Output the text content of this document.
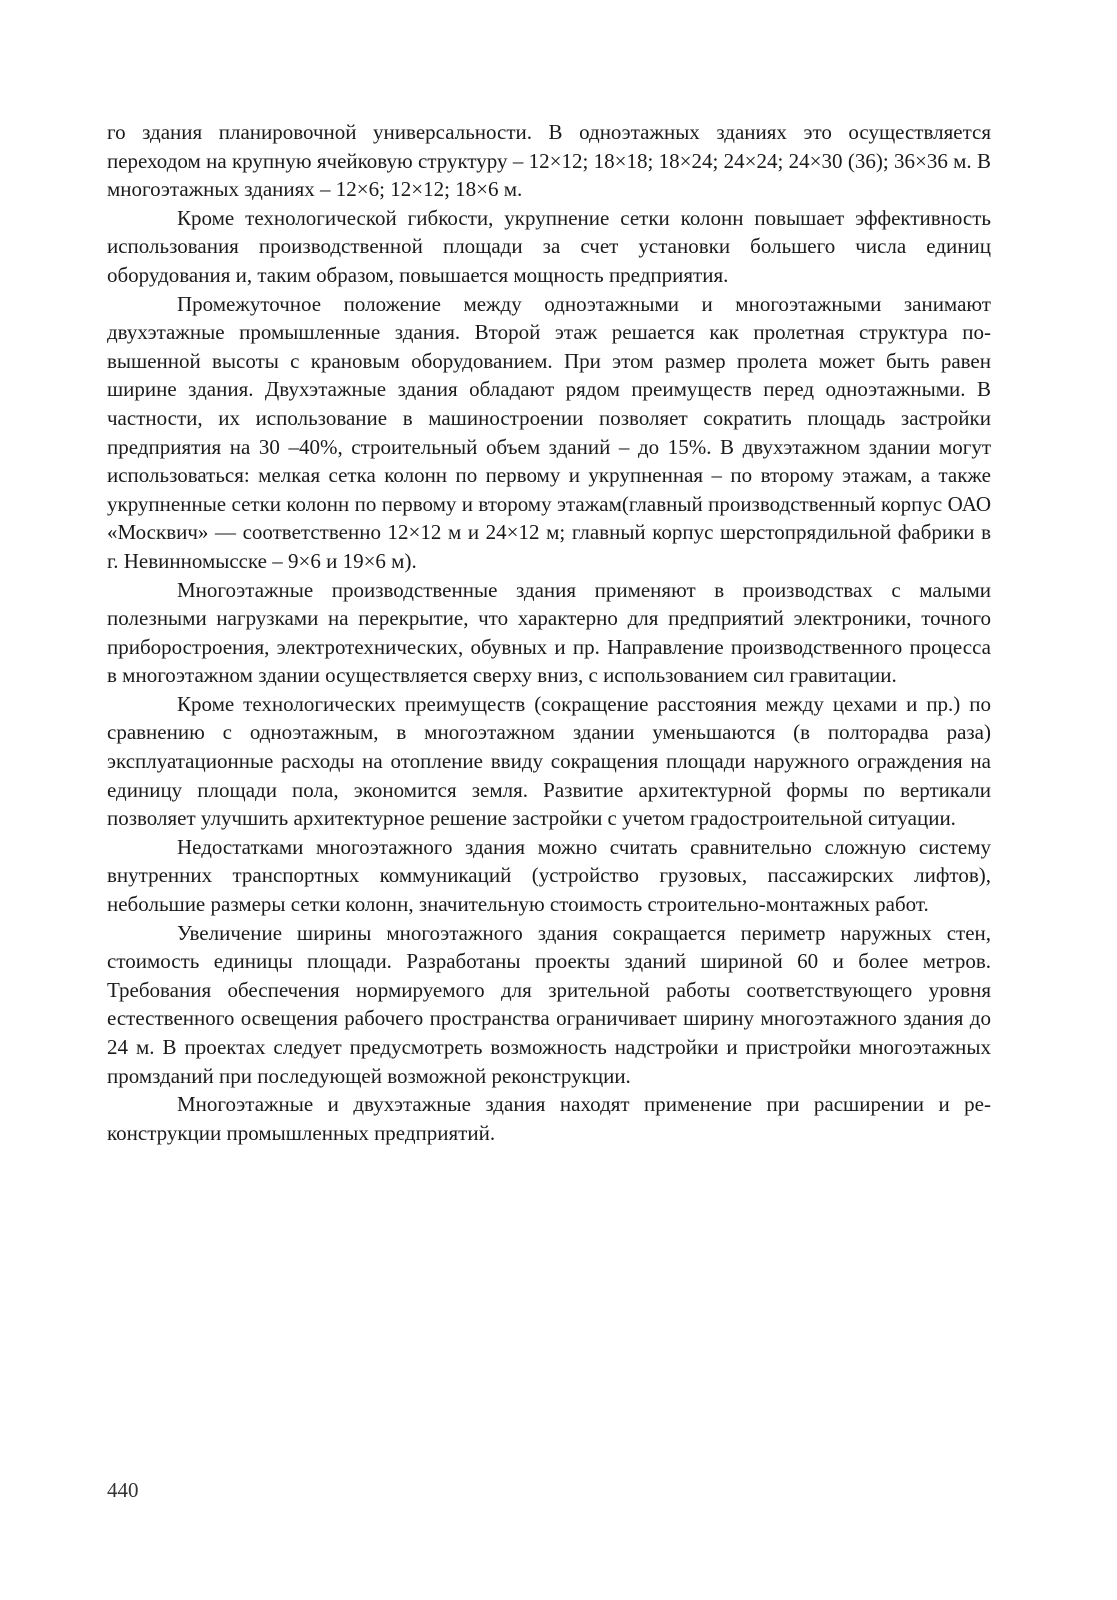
го здания планировочной универсальности. В одноэтажных зданиях это осуществляется переходом на крупную ячейковую структуру – 12×12; 18×18; 18×24; 24×24; 24×30 (36); 36×36 м. В многоэтажных зданиях – 12×6; 12×12; 18×6 м.

Кроме технологической гибкости, укрупнение сетки колонн повышает эффективность использования производственной площади за счет установки большего числа единиц оборудования и, таким образом, повышается мощность предприятия.

Промежуточное положение между одноэтажными и многоэтажными занимают двухэтажные промышленные здания. Второй этаж решается как пролетная структура повышенной высоты с крановым оборудованием. При этом размер пролета может быть равен ширине здания. Двухэтажные здания обладают рядом преимуществ перед одноэтажными. В частности, их использование в машиностроении позволяет сократить площадь застройки предприятия на 30 –40%, строительный объем зданий – до 15%. В двухэтажном здании могут использоваться: мелкая сетка колонн по первому и укрупненная – по второму этажам, а также укрупненные сетки колонн по первому и второму этажам(главный производственный корпус ОАО «Москвич» — соответственно 12×12 м и 24×12 м; главный корпус шерстопрядильной фабрики в г. Невинномысске – 9×6 и 19×6 м).

Многоэтажные производственные здания применяют в производствах с малыми полезными нагрузками на перекрытие, что характерно для предприятий электроники, точного приборостроения, электротехнических, обувных и пр. Направление производственного процесса в многоэтажном здании осуществляется сверху вниз, с использованием сил гравитации.

Кроме технологических преимуществ (сокращение расстояния между цехами и пр.) по сравнению с одноэтажным, в многоэтажном здании уменьшаются (в полторадва раза) эксплуатационные расходы на отопление ввиду сокращения площади наружного ограждения на единицу площади пола, экономится земля. Развитие архитектурной формы по вертикали позволяет улучшить архитектурное решение застройки с учетом градостроительной ситуации.

Недостатками многоэтажного здания можно считать сравнительно сложную систему внутренних транспортных коммуникаций (устройство грузовых, пассажирских лифтов), небольшие размеры сетки колонн, значительную стоимость строительно-монтажных работ.

Увеличение ширины многоэтажного здания сокращается периметр наружных стен, стоимость единицы площади. Разработаны проекты зданий шириной 60 и более метров. Требования обеспечения нормируемого для зрительной работы соответствующего уровня естественного освещения рабочего пространства ограничивает ширину многоэтажного здания до 24 м. В проектах следует предусмотреть возможность надстройки и пристройки многоэтажных промзданий при последующей возможной реконструкции.

Многоэтажные и двухэтажные здания находят применение при расширении и реконструкции промышленных предприятий.

440
